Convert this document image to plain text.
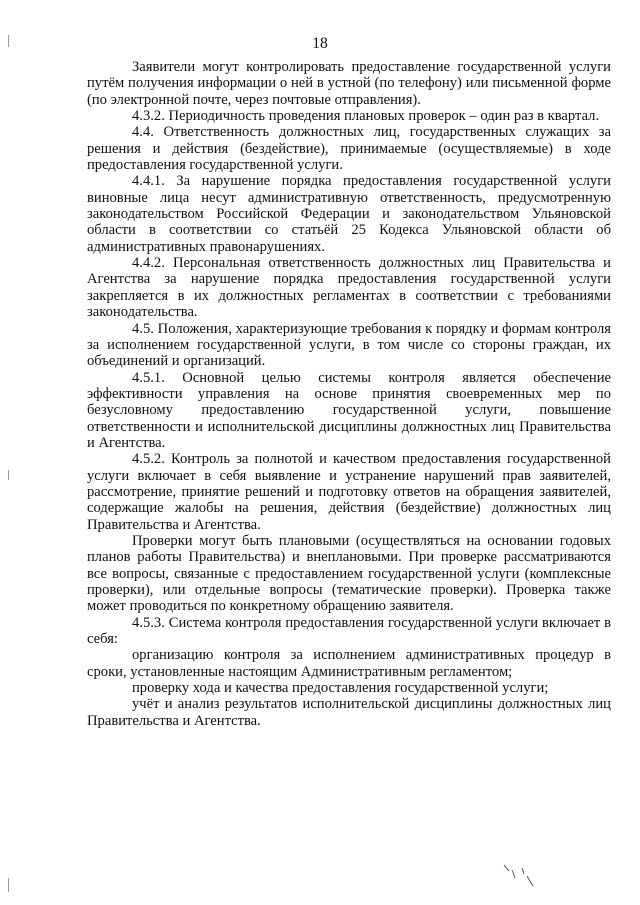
18

Заявители могут контролировать предоставление государственной услуги путём получения информации о ней в устной (по телефону) или письменной форме (по электронной почте, через почтовые отправления).

4.3.2. Периодичность проведения плановых проверок – один раз в квартал.

4.4. Ответственность должностных лиц, государственных служащих за решения и действия (бездействие), принимаемые (осуществляемые) в ходе предоставления государственной услуги.

4.4.1. За нарушение порядка предоставления государственной услуги виновные лица несут административную ответственность, предусмотренную законодательством Российской Федерации и законодательством Ульяновской области в соответствии со статьёй 25 Кодекса Ульяновской области об административных правонарушениях.

4.4.2. Персональная ответственность должностных лиц Правительства и Агентства за нарушение порядка предоставления государственной услуги закрепляется в их должностных регламентах в соответствии с требованиями законодательства.

4.5. Положения, характеризующие требования к порядку и формам контроля за исполнением государственной услуги, в том числе со стороны граждан, их объединений и организаций.

4.5.1. Основной целью системы контроля является обеспечение эффективности управления на основе принятия своевременных мер по безусловному предоставлению государственной услуги, повышение ответственности и исполнительской дисциплины должностных лиц Правительства и Агентства.

4.5.2. Контроль за полнотой и качеством предоставления государственной услуги включает в себя выявление и устранение нарушений прав заявителей, рассмотрение, принятие решений и подготовку ответов на обращения заявителей, содержащие жалобы на решения, действия (бездействие) должностных лиц Правительства и Агентства.

Проверки могут быть плановыми (осуществляться на основании годовых планов работы Правительства) и внеплановыми. При проверке рассматриваются все вопросы, связанные с предоставлением государственной услуги (комплексные проверки), или отдельные вопросы (тематические проверки). Проверка также может проводиться по конкретному обращению заявителя.

4.5.3. Система контроля предоставления государственной услуги включает в себя:

организацию контроля за исполнением административных процедур в сроки, установленные настоящим Административным регламентом;

проверку хода и качества предоставления государственной услуги;

учёт и анализ результатов исполнительской дисциплины должностных лиц Правительства и Агентства.
